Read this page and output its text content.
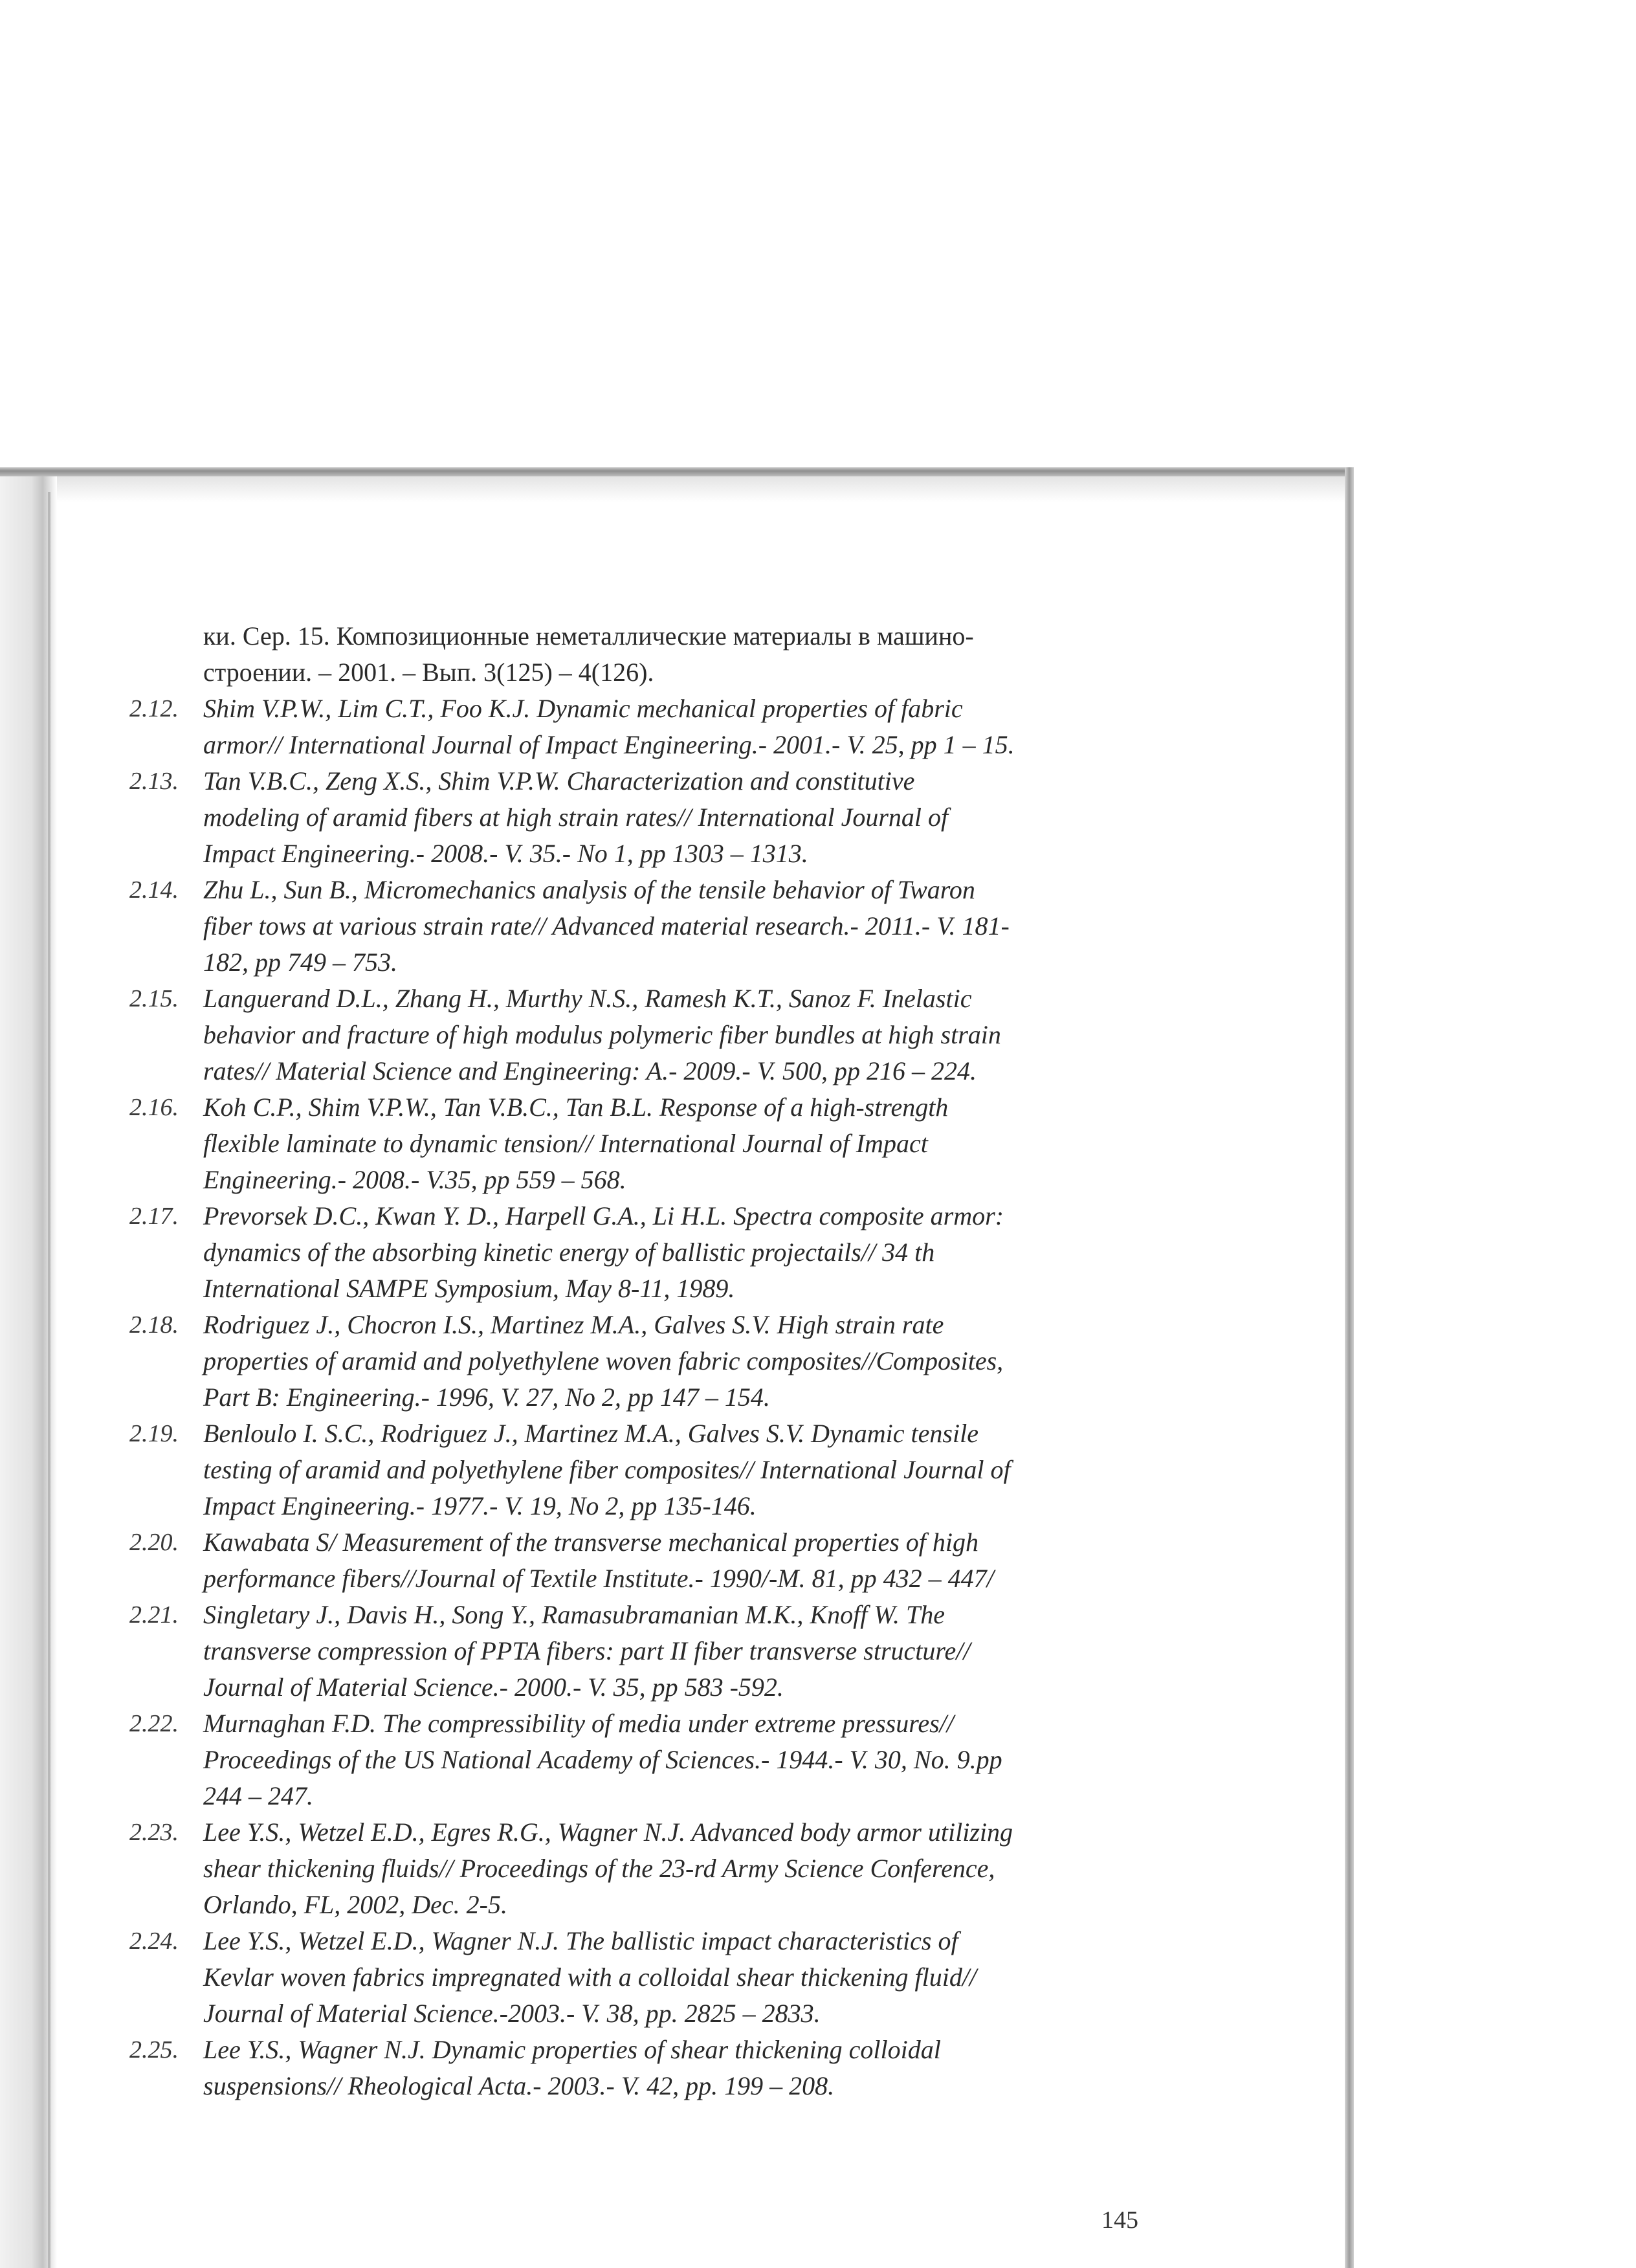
ки. Сер. 15. Композиционные неметаллические материалы в машино-
строении. – 2001. – Вып. 3(125) – 4(126).
2.12. Shim V.P.W., Lim C.T., Foo K.J. Dynamic mechanical properties of fabric
armor// International Journal of Impact Engineering.- 2001.- V. 25, pp 1 – 15.
2.13. Tan V.B.C., Zeng X.S., Shim V.P.W. Characterization and constitutive
modeling of aramid fibers at high strain rates// International Journal of
Impact Engineering.- 2008.- V. 35.- No 1, pp 1303 – 1313.
2.14. Zhu L., Sun B., Micromechanics analysis of the tensile behavior of Twaron
fiber tows at various strain rate// Advanced material research.- 2011.- V. 181-
182, pp 749 – 753.
2.15. Languerand D.L., Zhang H., Murthy N.S., Ramesh K.T., Sanoz F. Inelastic
behavior and fracture of high modulus polymeric fiber bundles at high strain
rates// Material Science and Engineering: A.- 2009.- V. 500, pp 216 – 224.
2.16. Koh C.P., Shim V.P.W., Tan V.B.C., Tan B.L. Response of a high-strength
flexible laminate to dynamic tension// International Journal of Impact
Engineering.- 2008.- V.35, pp 559 – 568.
2.17. Prevorsek D.C., Kwan Y. D., Harpell G.A., Li H.L. Spectra composite armor:
dynamics of the absorbing kinetic energy of ballistic projectails// 34 th
International SAMPE Symposium, May 8-11, 1989.
2.18. Rodriguez J., Chocron I.S., Martinez M.A., Galves S.V. High strain rate
properties of aramid and polyethylene woven fabric composites//Composites,
Part B: Engineering.- 1996, V. 27, No 2, pp 147 – 154.
2.19. Benloulo I. S.C., Rodriguez J., Martinez M.A., Galves S.V. Dynamic tensile
testing of aramid and polyethylene fiber composites// International Journal of
Impact Engineering.- 1977.- V. 19, No 2, pp 135-146.
2.20. Kawabata S/ Measurement of the transverse mechanical properties of high
performance fibers//Journal of Textile Institute.- 1990/-M. 81, pp 432 – 447/
2.21. Singletary J., Davis H., Song Y., Ramasubramanian M.K., Knoff W. The
transverse compression of PPTA fibers: part II fiber transverse structure//
Journal of Material Science.- 2000.- V. 35, pp 583 -592.
2.22. Murnaghan F.D. The compressibility of media under extreme pressures//
Proceedings of the US National Academy of Sciences.- 1944.- V. 30, No. 9.pp
244 – 247.
2.23. Lee Y.S., Wetzel E.D., Egres R.G., Wagner N.J. Advanced body armor utilizing
shear thickening fluids// Proceedings of the 23-rd Army Science Conference,
Orlando, FL, 2002, Dec. 2-5.
2.24. Lee Y.S., Wetzel E.D., Wagner N.J. The ballistic impact characteristics of
Kevlar woven fabrics impregnated with a colloidal shear thickening fluid//
Journal of Material Science.-2003.- V. 38, pp. 2825 – 2833.
2.25. Lee Y.S., Wagner N.J. Dynamic properties of shear thickening colloidal
suspensions// Rheological Acta.- 2003.- V. 42, pp. 199 – 208.
145
